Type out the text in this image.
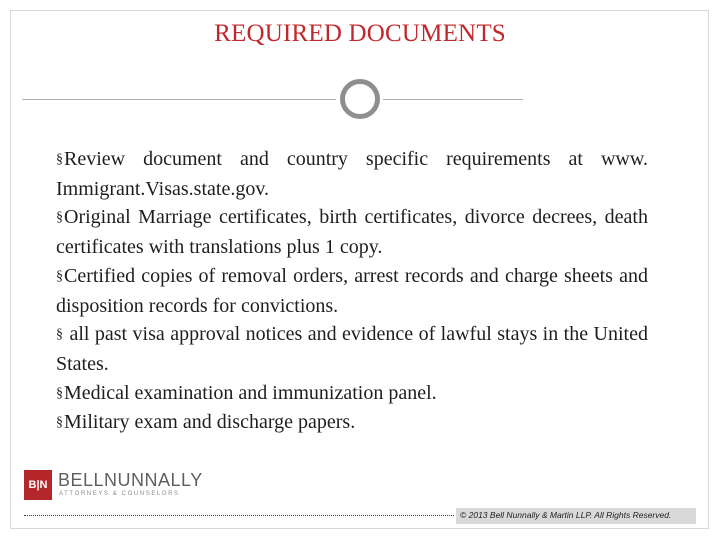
REQUIRED DOCUMENTS

§Review document and country specific requirements at www. Immigrant.Visas.state.gov.

§Original Marriage certificates, birth certificates, divorce decrees, death certificates with translations plus 1 copy.

§Certified copies of removal orders, arrest records and charge sheets and disposition records for convictions.

§ all past visa approval notices and evidence of lawful stays in the United States.

§Medical examination and immunization panel.

§Military exam and discharge papers.

B|N BELLNUNNALLY
ATTORNEYS & COUNSELORS
© 2013 Bell Nunnally & Martin LLP. All Rights Reserved.
